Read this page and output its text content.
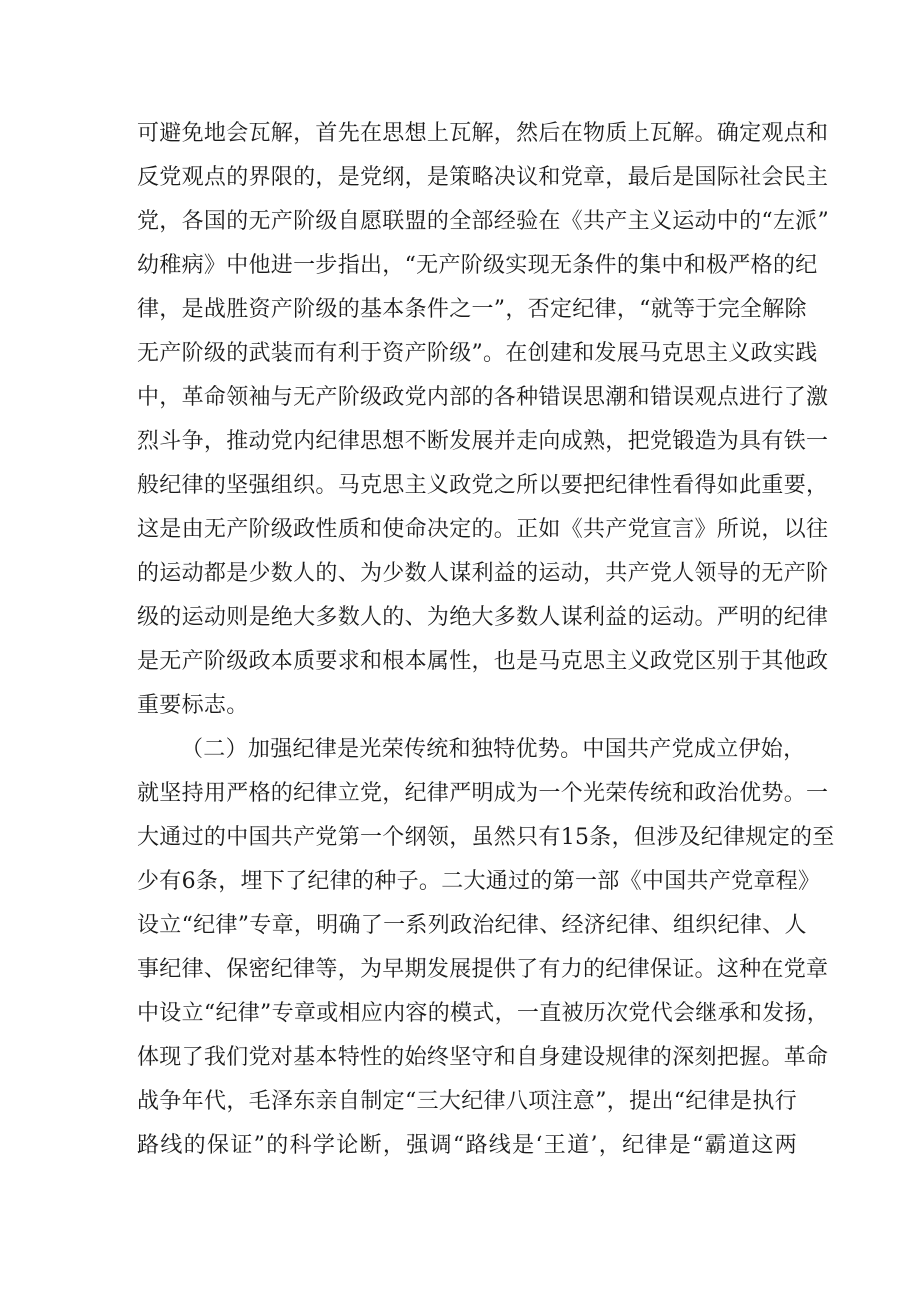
可避免地会瓦解，首先在思想上瓦解，然后在物质上瓦解。确定观点和
反党观点的界限的，是党纲，是策略决议和党章，最后是国际社会民主
党，各国的无产阶级自愿联盟的全部经验在《共产主义运动中的“左派”
幼稚病》中他进一步指出，“无产阶级实现无条件的集中和极严格的纪
律，是战胜资产阶级的基本条件之一”，否定纪律，“就等于完全解除
无产阶级的武装而有利于资产阶级”。在创建和发展马克思主义政实践
中，革命领袖与无产阶级政党内部的各种错误思潮和错误观点进行了激
烈斗争，推动党内纪律思想不断发展并走向成熟，把党锻造为具有铁一
般纪律的坚强组织。马克思主义政党之所以要把纪律性看得如此重要，
这是由无产阶级政性质和使命决定的。正如《共产党宣言》所说，以往
的运动都是少数人的、为少数人谋利益的运动，共产党人领导的无产阶
级的运动则是绝大多数人的、为绝大多数人谋利益的运动。严明的纪律
是无产阶级政本质要求和根本属性，也是马克思主义政党区别于其他政
重要标志。
（二）加强纪律是光荣传统和独特优势。中国共产党成立伊始，
就坚持用严格的纪律立党，纪律严明成为一个光荣传统和政治优势。一
大通过的中国共产党第一个纲领，虽然只有15条，但涉及纪律规定的至
少有6条，埋下了纪律的种子。二大通过的第一部《中国共产党章程》
设立“纪律”专章，明确了一系列政治纪律、经济纪律、组织纪律、人
事纪律、保密纪律等，为早期发展提供了有力的纪律保证。这种在党章
中设立“纪律”专章或相应内容的模式，一直被历次党代会继承和发扬，
体现了我们党对基本特性的始终坚守和自身建设规律的深刻把握。革命
战争年代，毛泽东亲自制定“三大纪律八项注意”，提出“纪律是执行
路线的保证”的科学论断，强调“路线是‘王道’，纪律是“霸道这两
